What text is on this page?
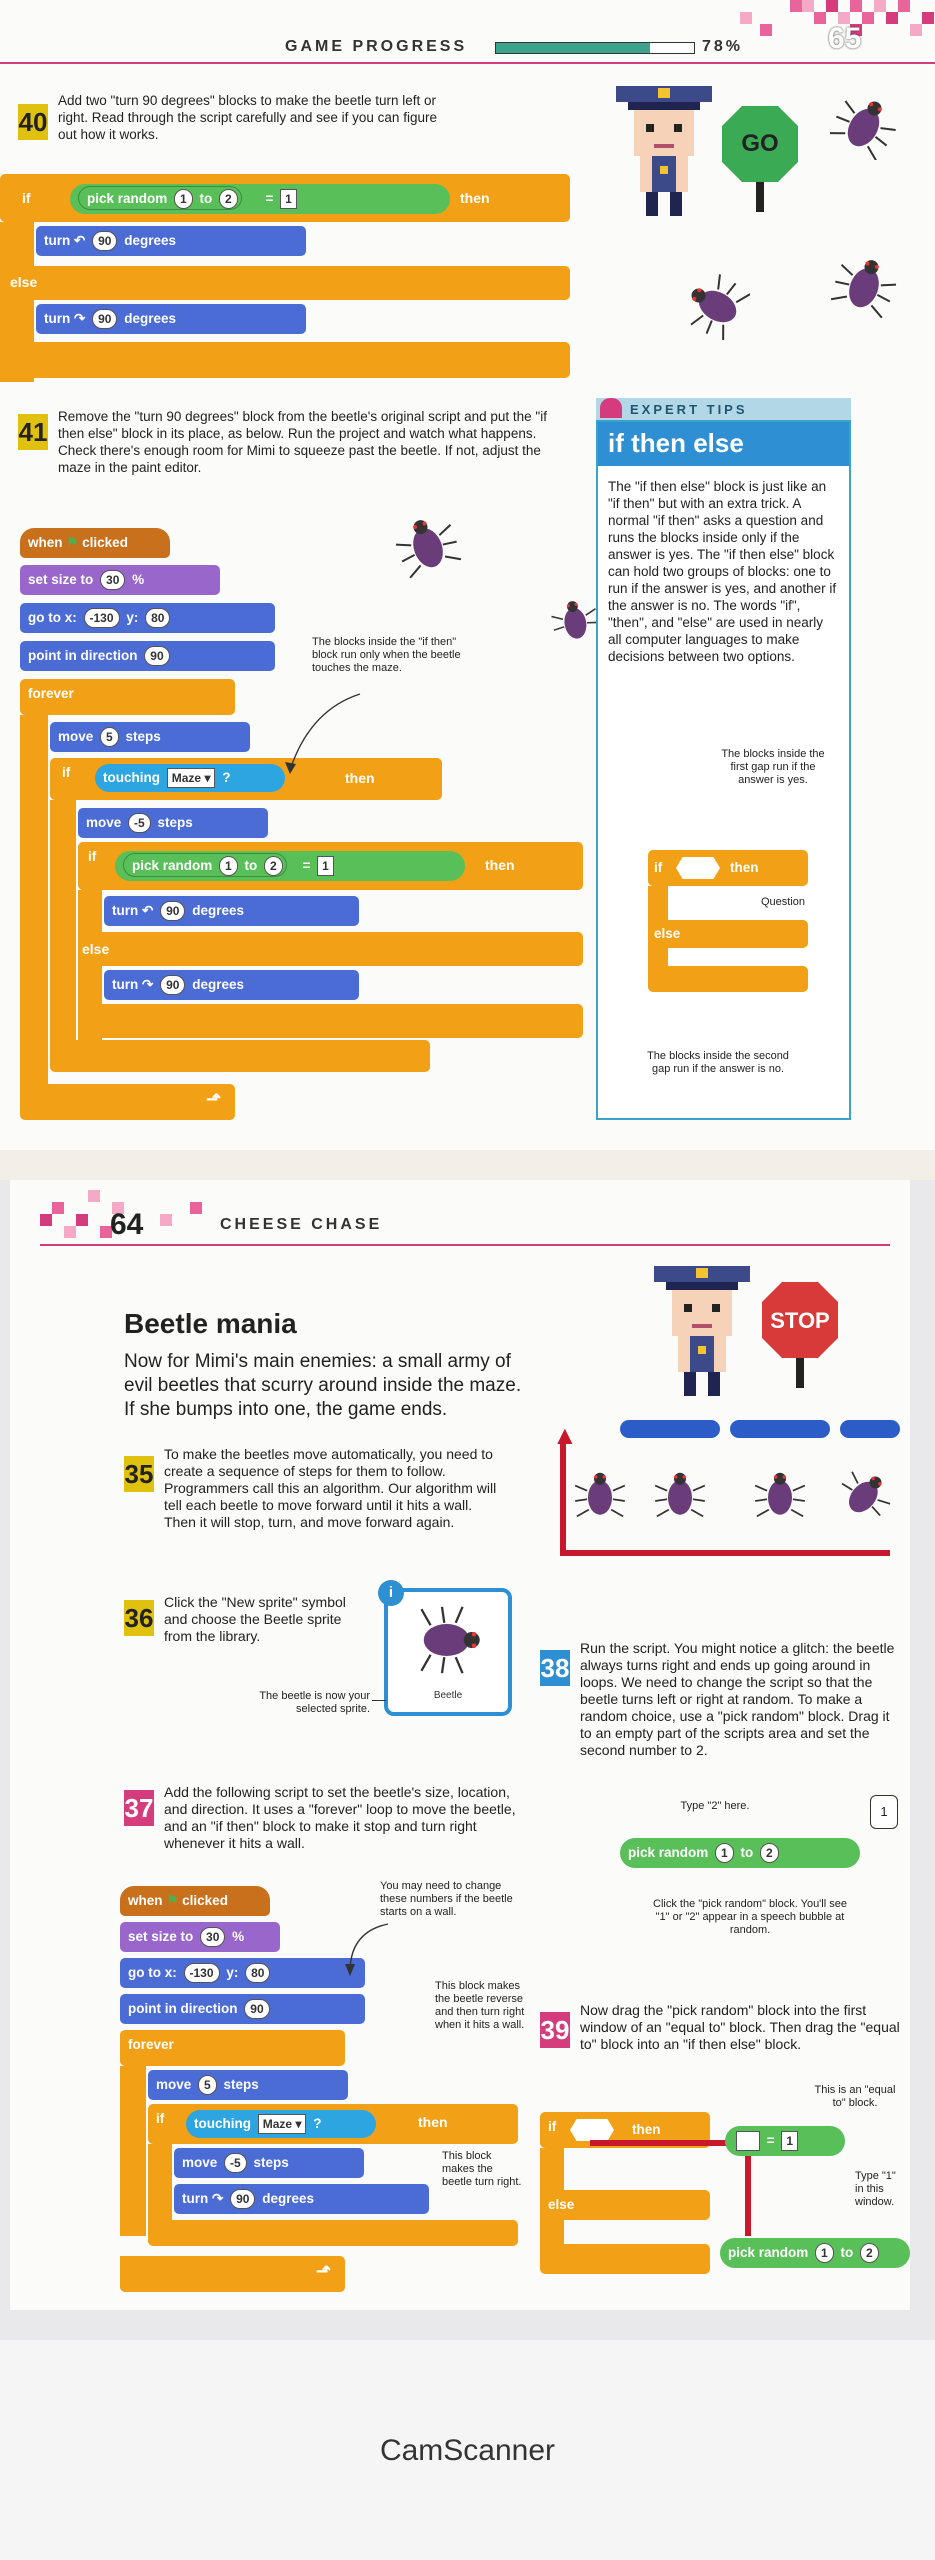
GAME PROGRESS	78%	65
40
Add two "turn 90 degrees" blocks to make the beetle turn left or right. Read through the script carefully and see if you can figure out how it works.
if	pick random 1 to 2	= 1	then
turn ↶ 90 degrees
else
turn ↷ 90 degrees
GO
41
Remove the "turn 90 degrees" block from the beetle's original script and put the "if then else" block in its place, as below. Run the project and watch what happens. Check there's enough room for Mimi to squeeze past the beetle. If not, adjust the maze in the paint editor.
when ⚑ clicked
set size to 30 %
go to x: -130 y: 80
point in direction 90
forever
move 5 steps
if	touching Maze ▾ ?	then
move -5 steps
if
pick random 1 to 2 = 1	then
turn ↶ 90 degrees
else
turn ↷ 90 degrees
⬏
The blocks inside the "if then" block run only when the beetle touches the maze.
EXPERT TIPS
if then else
The "if then else" block is just like an "if then" but with an extra trick. A normal "if then" asks a question and runs the blocks inside only if the answer is yes. The "if then else" block can hold two groups of blocks: one to run if the answer is yes, and another if the answer is no. The words "if", "then", and "else" are used in nearly all computer languages to make decisions between two options.
The blocks inside the first gap run if the answer is yes.
if	then
else
Question
The blocks inside the second gap run if the answer is no.
64	CHEESE CHASE
Beetle mania
Now for Mimi's main enemies: a small army of evil beetles that scurry around inside the maze. If she bumps into one, the game ends.
STOP
▲
35
To make the beetles move automatically, you need to create a sequence of steps for them to follow. Programmers call this an algorithm. Our algorithm will tell each beetle to move forward until it hits a wall. Then it will stop, turn, and move forward again.
36
Click the "New sprite" symbol and choose the Beetle sprite from the library.
i
Beetle
The beetle is now your selected sprite.
37
Add the following script to set the beetle's size, location, and direction. It uses a "forever" loop to move the beetle, and an "if then" block to make it stop and turn right whenever it hits a wall.
when ⚑ clicked
set size to 30 %
go to x: -130 y: 80
point in direction 90
forever
move 5 steps
if	touching Maze ▾ ?	then
move -5 steps
turn ↷ 90 degrees
⬏
You may need to change these numbers if the beetle starts on a wall.
This block makes the beetle reverse and then turn right when it hits a wall.
This block makes the beetle turn right.
38
Run the script. You might notice a glitch: the beetle always turns right and ends up going around in loops. We need to change the script so that the beetle turns left or right at random. To make a random choice, use a "pick random" block. Drag it to an empty part of the scripts area and set the second number to 2.
Type "2" here.
pick random 1 to 2
1
Click the "pick random" block. You'll see "1" or "2" appear in a speech bubble at random.
39
Now drag the "pick random" block into the first window of an "equal to" block. Then drag the "equal to" block into an "if then else" block.
if	then
else
= 1
pick random 1 to 2
This is an "equal to" block.
Type "1" in this window.
CamScanner
